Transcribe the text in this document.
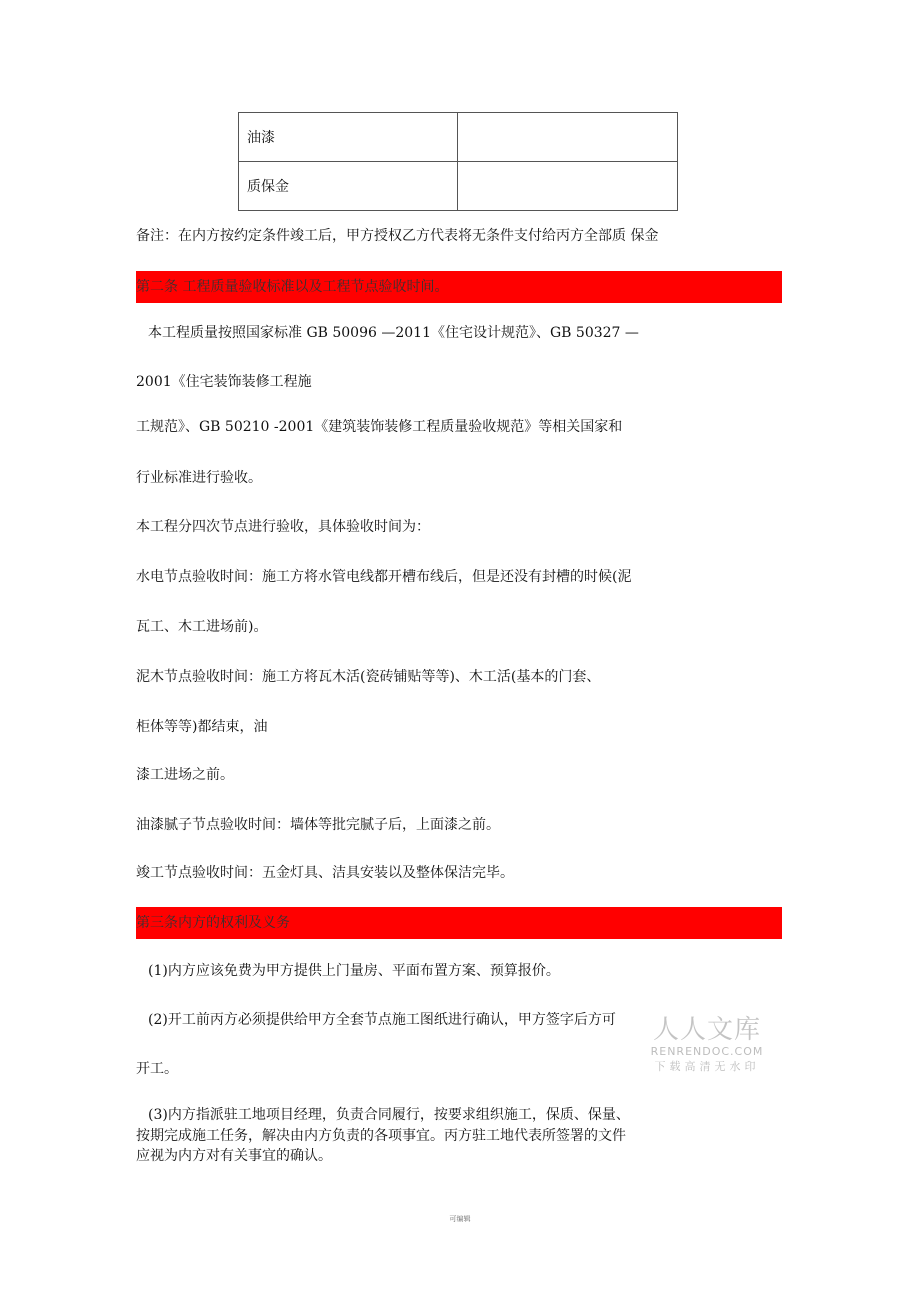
油漆	
质保金	
备注：在内方按约定条件竣工后，甲方授权乙方代表将无条件支付给丙方全部质 保金
第二条 工程质量验收标准以及工程节点验收时间。
本工程质量按照国家标准 GB 50096 —2011《住宅设计规范》、GB 50327 —
2001《住宅装饰装修工程施
工规范》、GB 50210 -2001《建筑装饰装修工程质量验收规范》等相关国家和
行业标准进行验收。
本工程分四次节点进行验收，具体验收时间为：
水电节点验收时间：施工方将水管电线都开槽布线后，但是还没有封槽的时候(泥
瓦工、木工进场前)。
泥木节点验收时间：施工方将瓦木活(瓷砖铺贴等等)、木工活(基本的门套、
柜体等等)都结束，油
漆工进场之前。
油漆腻子节点验收时间：墙体等批完腻子后，上面漆之前。
竣工节点验收时间：五金灯具、洁具安装以及整体保洁完毕。
第三条内方的权利及义务
(1)内方应该免费为甲方提供上门量房、平面布置方案、预算报价。
(2)开工前丙方必须提供给甲方全套节点施工图纸进行确认，甲方签字后方可
开工。
(3)内方指派驻工地项目经理，负责合同履行，按要求组织施工，保质、保量、
按期完成施工任务，解决由内方负责的各项事宜。丙方驻工地代表所签署的文件
应视为内方对有关事宜的确认。
人人文库
RENRENDOC.COM
下载高清无水印
可编辑
